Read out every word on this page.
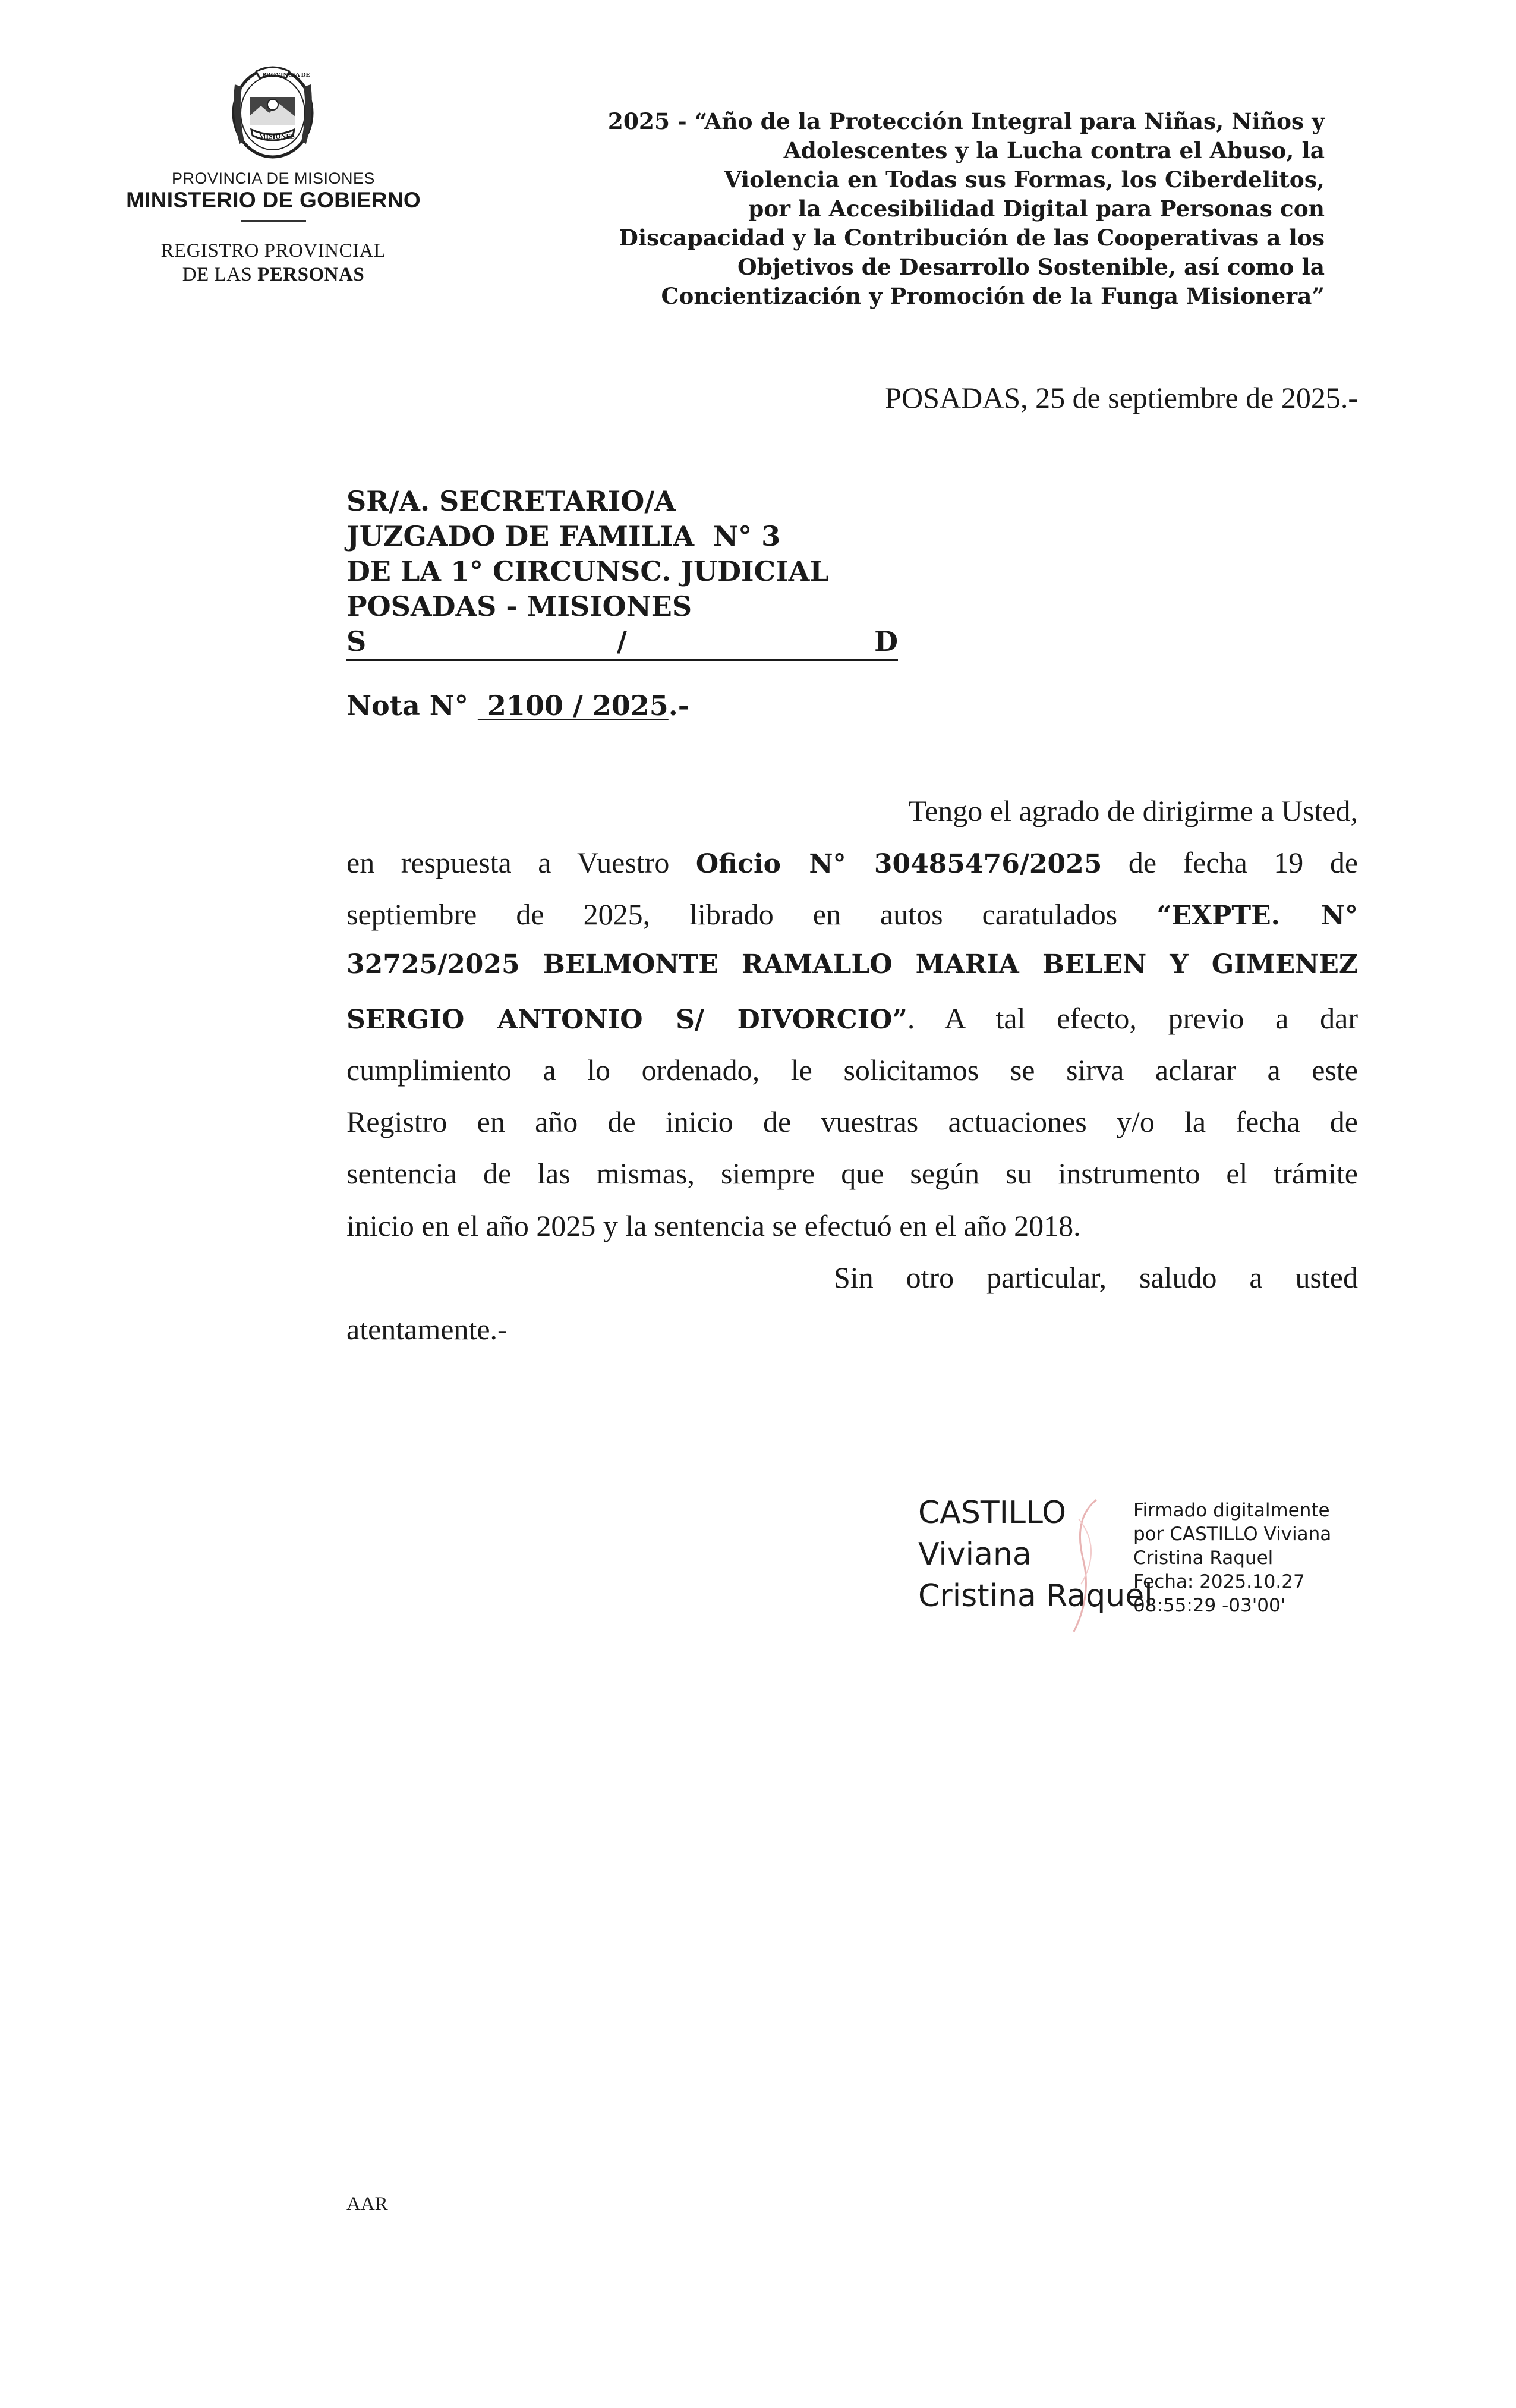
PROVINCIA DE
MISIONES
PROVINCIA DE MISIONES
MINISTERIO DE GOBIERNO
REGISTRO PROVINCIAL
DE LAS PERSONAS
2025 - “Año de la Protección Integral para Niñas, Niños y
Adolescentes y la Lucha contra el Abuso, la
Violencia en Todas sus Formas, los Ciberdelitos,
por la Accesibilidad Digital para Personas con
Discapacidad y la Contribución de las Cooperativas a los
Objetivos de Desarrollo Sostenible, así como la
Concientización y Promoción de la Funga Misionera”
POSADAS, 25 de septiembre de 2025.-
SR/A. SECRETARIO/A
JUZGADO DE FAMILIA  N° 3
DE LA 1° CIRCUNSC. JUDICIAL
POSADAS - MISIONES
S	/	D
Nota N°  2100 / 2025.-
Tengo el agrado de dirigirme a Usted,
en respuesta a Vuestro Oficio N° 30485476/2025 de fecha 19 de
septiembre de 2025, librado en autos caratulados “EXPTE. N°
32725/2025 BELMONTE RAMALLO MARIA BELEN Y GIMENEZ
SERGIO ANTONIO S/ DIVORCIO”. A tal efecto, previo a dar
cumplimiento a lo ordenado, le solicitamos se sirva aclarar a este
Registro en año de inicio de vuestras actuaciones y/o la fecha de
sentencia de las mismas, siempre que según su instrumento el trámite
inicio en el año 2025 y la sentencia se efectuó en el año 2018.
Sin otro particular, saludo a usted
atentamente.-
CASTILLO
Viviana
Cristina Raquel
Firmado digitalmente
por CASTILLO Viviana
Cristina Raquel
Fecha: 2025.10.27
08:55:29 -03'00'
AAR
